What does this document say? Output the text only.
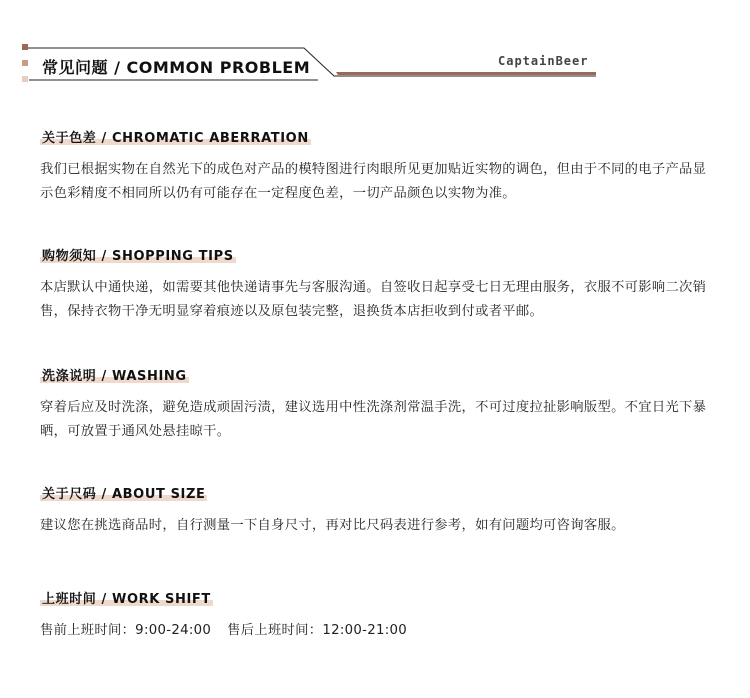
常见问题 / COMMON PROBLEM	CaptainBeer
关于色差 / CHROMATIC ABERRATION

我们已根据实物在自然光下的成色对产品的模特图进行肉眼所见更加贴近实物的调色，但由于不同的电子产品显示色彩精度不相同所以仍有可能存在一定程度色差，一切产品颜色以实物为准。

购物须知 / SHOPPING TIPS

本店默认中通快递，如需要其他快递请事先与客服沟通。自签收日起享受七日无理由服务，衣服不可影响二次销售，保持衣物干净无明显穿着痕迹以及原包装完整，退换货本店拒收到付或者平邮。

洗涤说明 / WASHING

穿着后应及时洗涤，避免造成顽固污渍，建议选用中性洗涤剂常温手洗，不可过度拉扯影响版型。不宜日光下暴晒，可放置于通风处悬挂晾干。

关于尺码 / ABOUT SIZE

建议您在挑选商品时，自行测量一下自身尺寸，再对比尺码表进行参考，如有问题均可咨询客服。

上班时间 / WORK SHIFT

售前上班时间：9:00-24:00 售后上班时间：12:00-21:00
